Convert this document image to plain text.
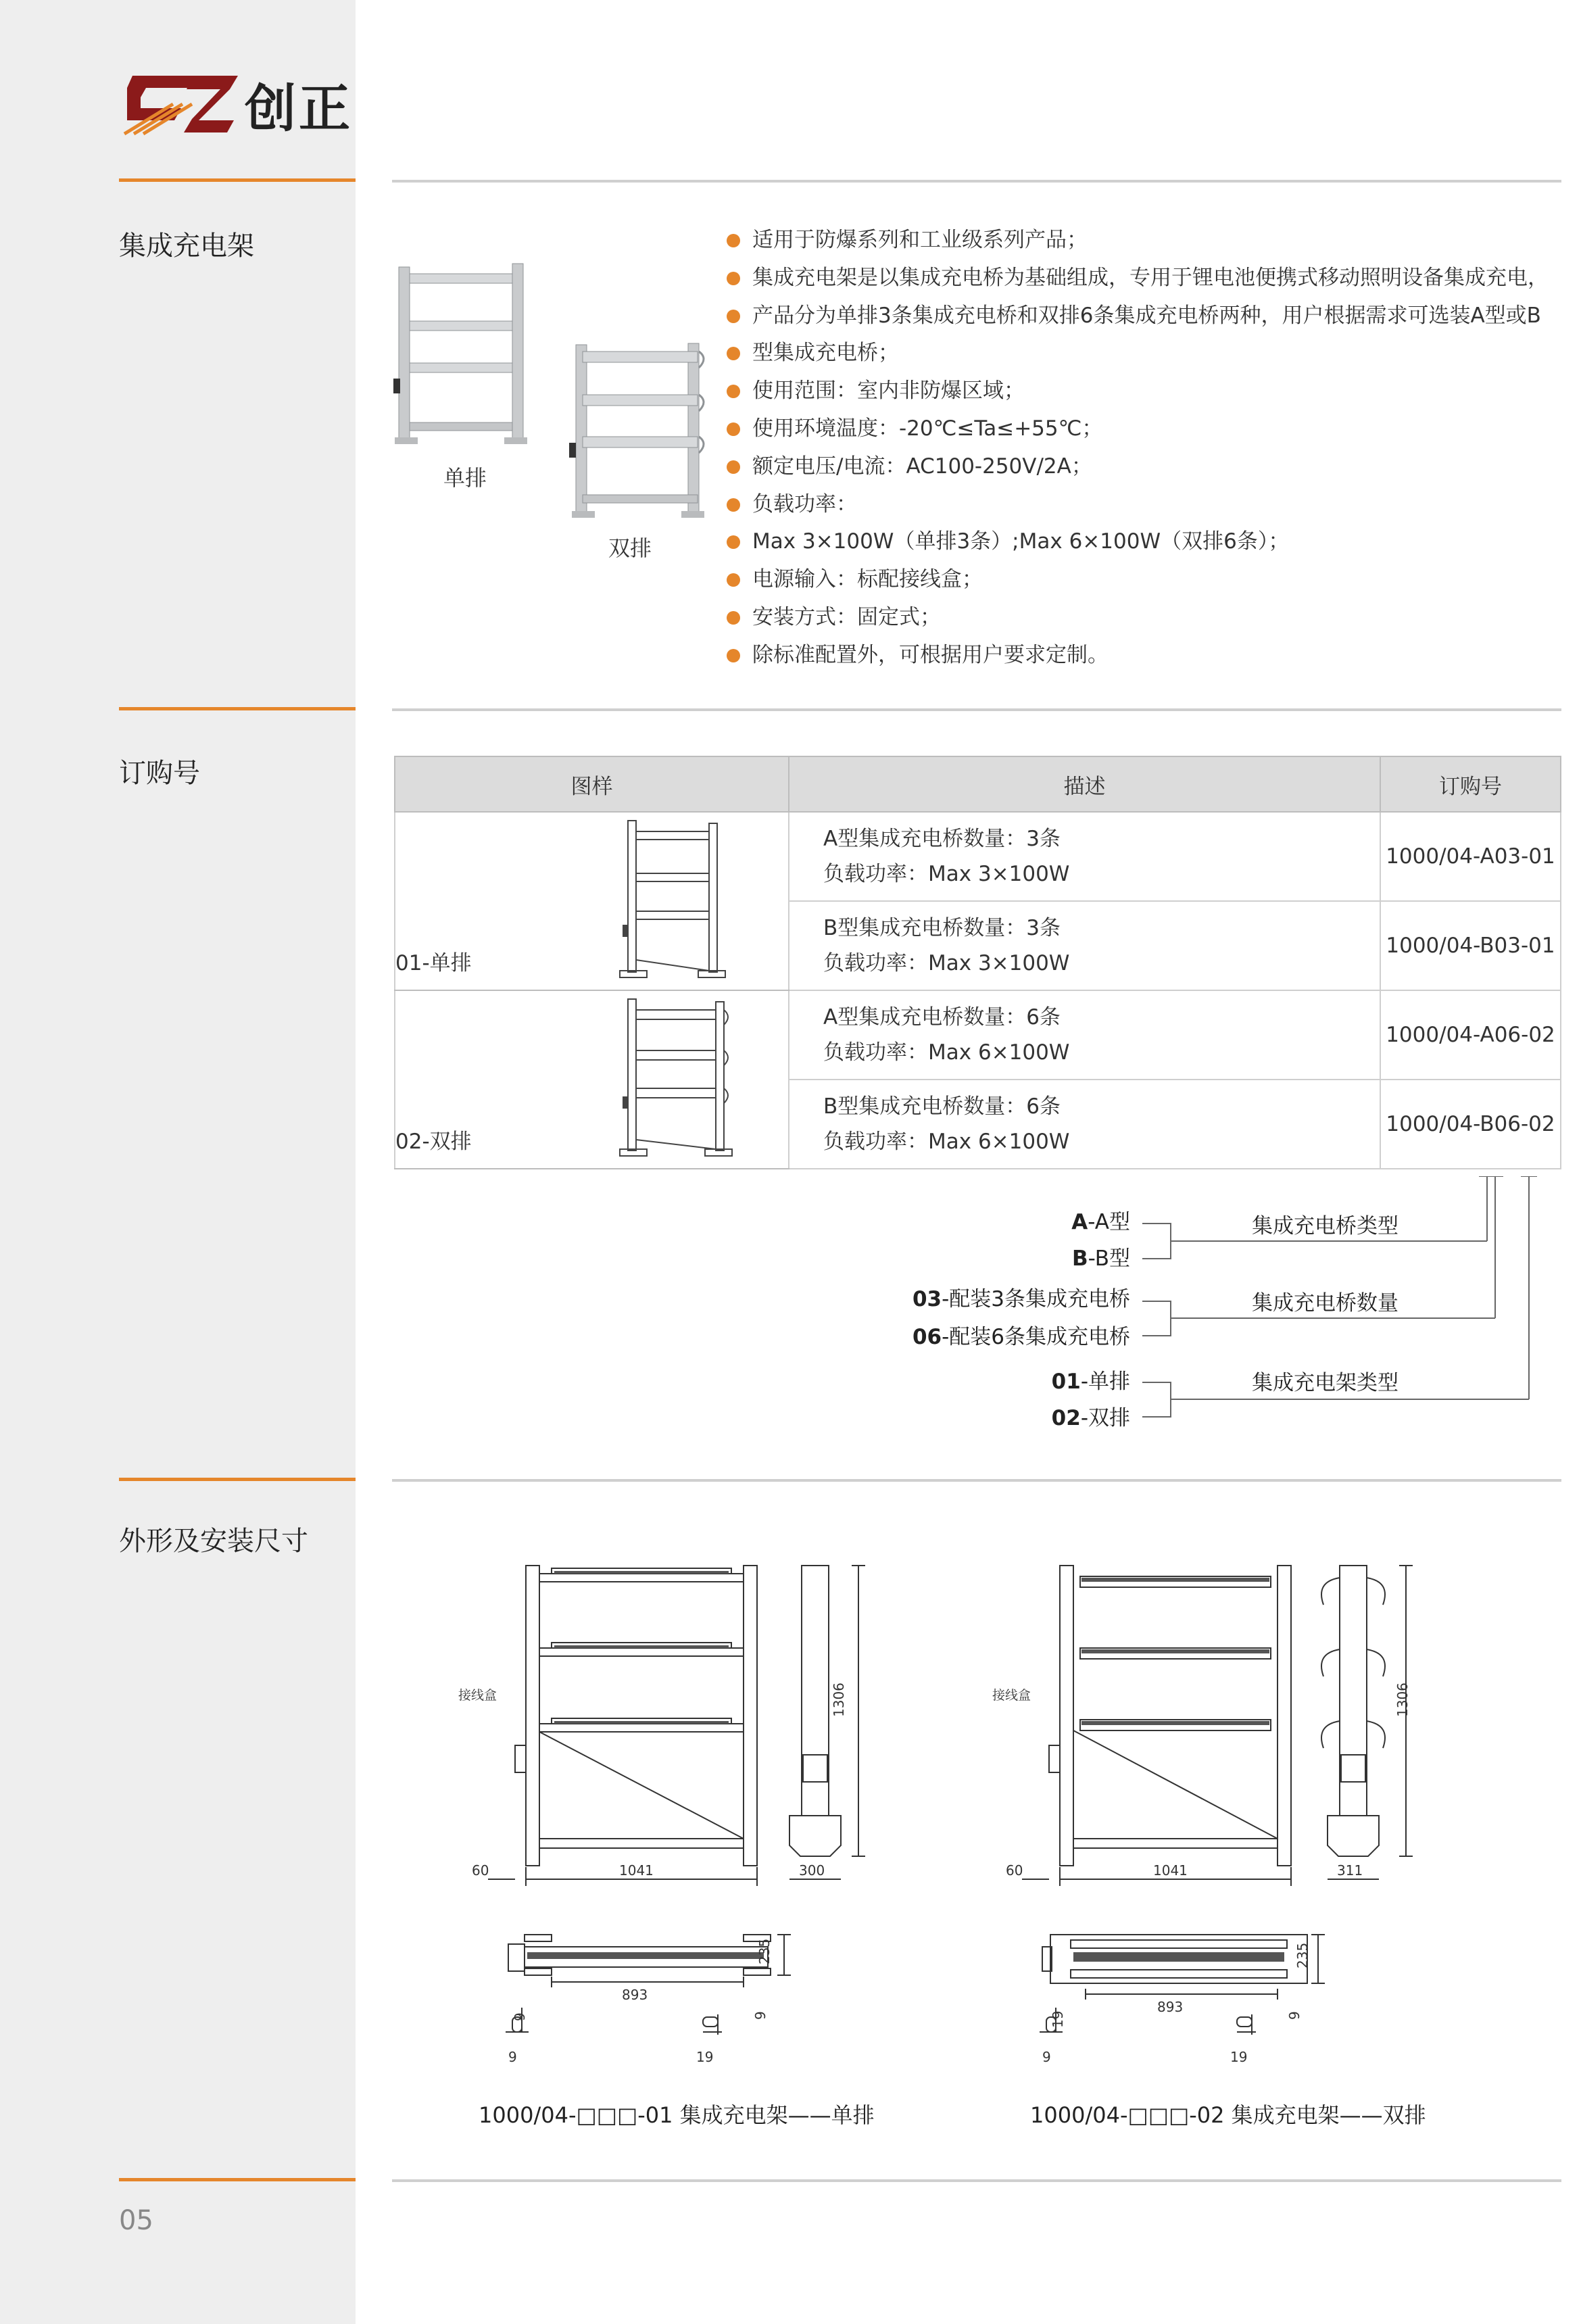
创正
集成充电架
订购号
外形及安装尺寸
05
单排
双排
适用于防爆系列和工业级系列产品；
集成充电架是以集成充电桥为基础组成，专用于锂电池便携式移动照明设备集成充电，
产品分为单排3条集成充电桥和双排6条集成充电桥两种，用户根据需求可选装A型或B
型集成充电桥；
使用范围：室内非防爆区域；
使用环境温度：-20℃≤Ta≤+55℃；
额定电压/电流：AC100-250V/2A；
负载功率：
Max 3×100W（单排3条）;Max 6×100W（双排6条）；
电源输入：标配接线盒；
安装方式：固定式；
除标准配置外，可根据用户要求定制。
图样	描述	订购号

01-单排	A型集成充电桥数量：3条
负载功率：Max 3×100W	1000/04-A03-01

	B型集成充电桥数量：3条
负载功率：Max 3×100W	1000/04-B03-01

02-双排	A型集成充电桥数量：6条
负载功率：Max 6×100W	1000/04-A06-02

	B型集成充电桥数量：6条
负载功率：Max 6×100W	1000/04-B06-02
A-A型
B-B型
03-配装3条集成充电桥
06-配装6条集成充电桥
01-单排
02-双排
集成充电桥类型
集成充电桥数量
集成充电架类型
接线盒
60	1041	300
1306
235
893
9
9
19
9
1000/04-□□□-01 集成充电架——单排
接线盒
60	1041	311
1306
235
893
9
19
19
9
1000/04-□□□-02 集成充电架——双排
